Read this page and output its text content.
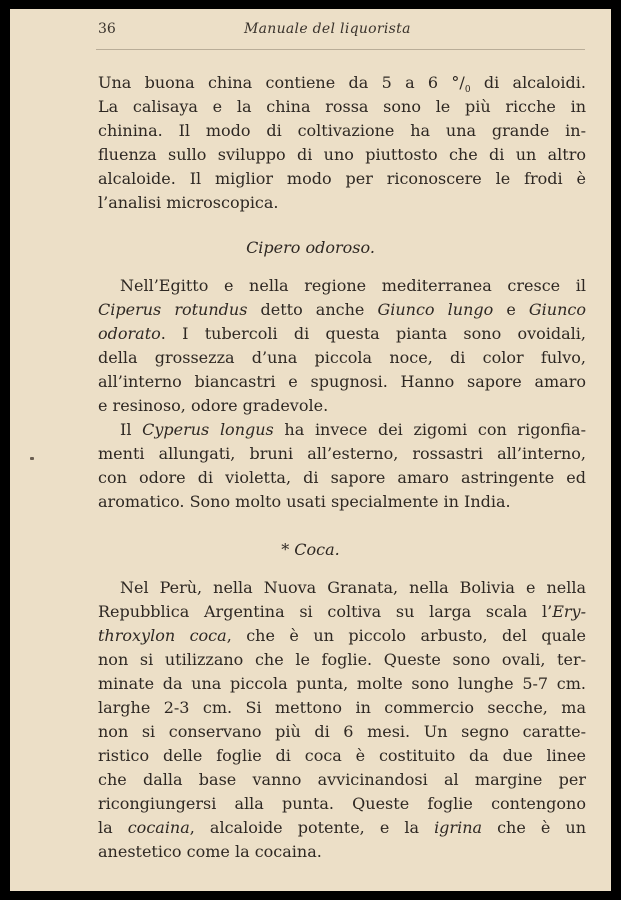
36	Manuale del liquorista
Una buona china contiene da 5 a 6 $^\circ/_0$ di alcaloidi.
La calisaya e la china rossa sono le più ricche in
chinina. Il modo di coltivazione ha una grande in-
fluenza sullo sviluppo di uno piuttosto che di un altro
alcaloide. Il miglior modo per riconoscere le frodi è
l’analisi microscopica.
Cipero odoroso.
Nell’Egitto e nella regione mediterranea cresce il
Ciperus rotundus detto anche Giunco lungo e Giunco
odorato. I tubercoli di questa pianta sono ovoidali,
della grossezza d’una piccola noce, di color fulvo,
all’interno biancastri e spugnosi. Hanno sapore amaro
e resinoso, odore gradevole.
Il Cyperus longus ha invece dei zigomi con rigonfia-
menti allungati, bruni all’esterno, rossastri all’interno,
con odore di violetta, di sapore amaro astringente ed
aromatico. Sono molto usati specialmente in India.
* Coca.
Nel Perù, nella Nuova Granata, nella Bolivia e nella
Repubblica Argentina si coltiva su larga scala l’Ery-
throxylon coca, che è un piccolo arbusto, del quale
non si utilizzano che le foglie. Queste sono ovali, ter-
minate da una piccola punta, molte sono lunghe 5-7 cm.
larghe 2-3 cm. Si mettono in commercio secche, ma
non si conservano più di 6 mesi. Un segno caratte-
ristico delle foglie di coca è costituito da due linee
che dalla base vanno avvicinandosi al margine per
ricongiungersi alla punta. Queste foglie contengono
la cocaina, alcaloide potente, e la igrina che è un
anestetico come la cocaina.
